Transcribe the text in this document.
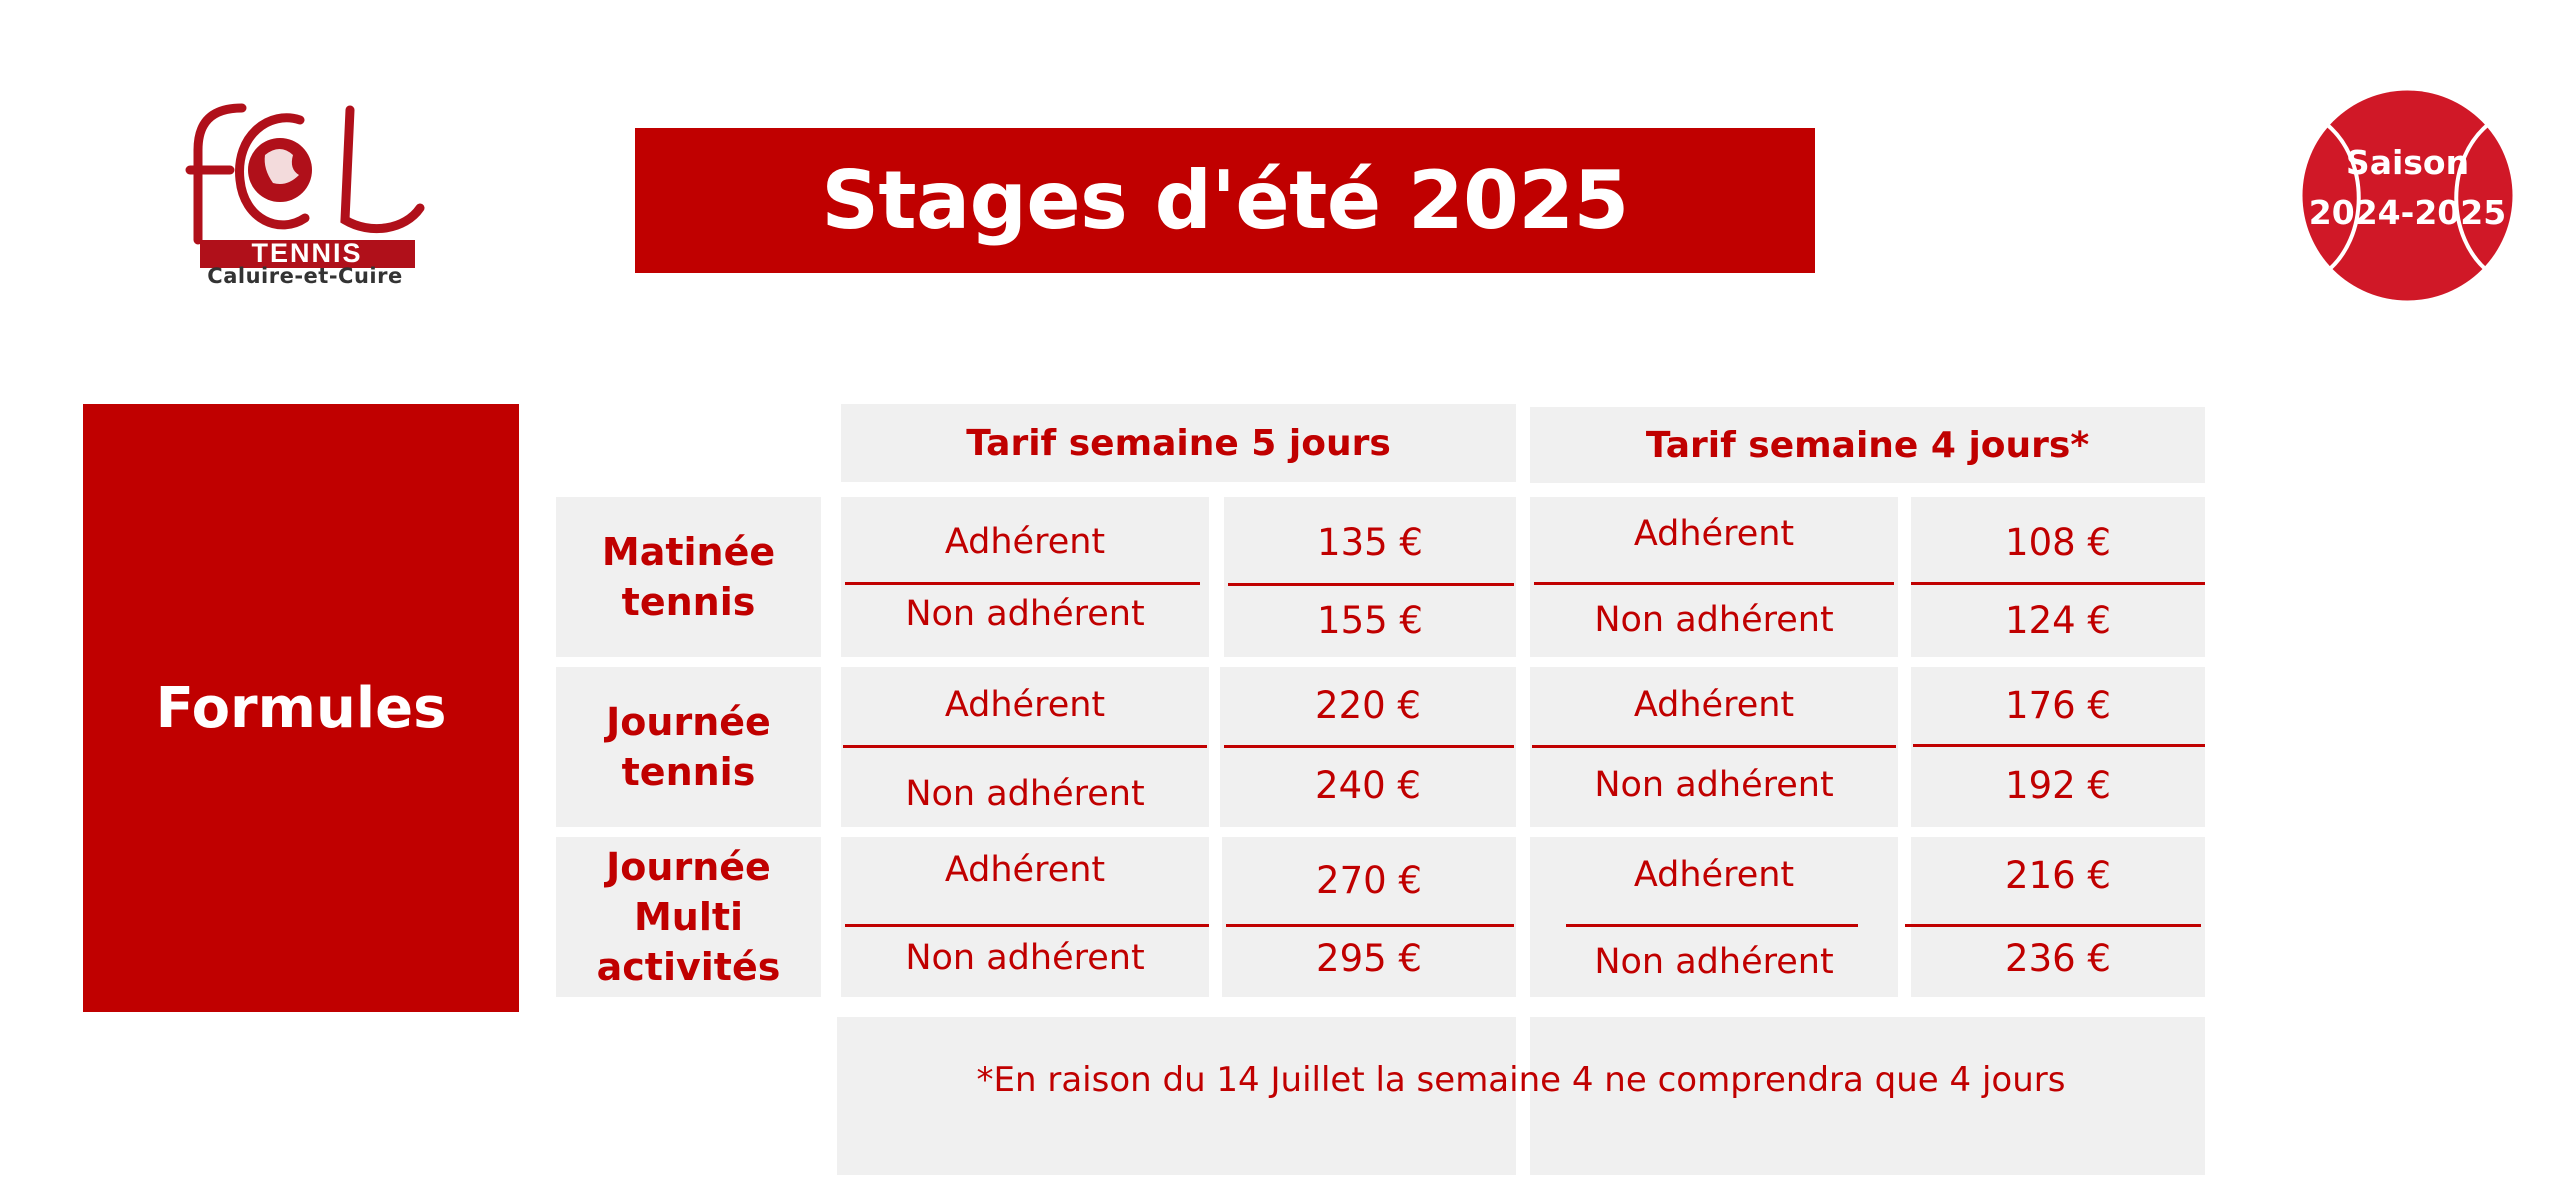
TENNIS
Caluire-et-Cuire
Stages d'été 2025	Saison
2024-2025
Formules
Tarif semaine 5 jours	Tarif semaine 4 jours*
Matinée
tennis
Adhérent
Non adhérent
135 €
155 €
Adhérent
Non adhérent
108 €
124 €
Journée
tennis
Adhérent
Non adhérent
220 €
240 €
Adhérent
Non adhérent
176 €
192 €
Journée
Multi
activités
Adhérent
Non adhérent
270 €
295 €
Adhérent
Non adhérent
216 €
236 €
*En raison du 14 Juillet la semaine 4 ne comprendra que 4 jours
